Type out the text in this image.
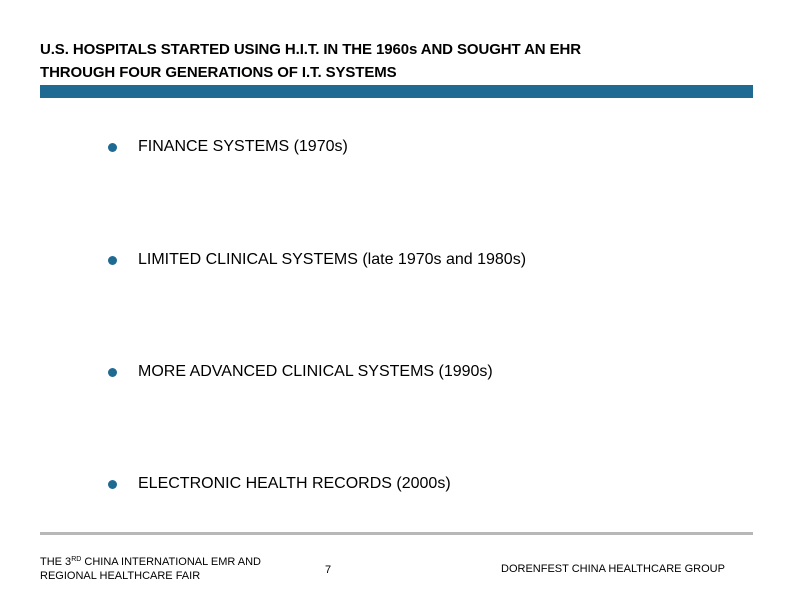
U.S. HOSPITALS STARTED USING H.I.T. IN THE 1960s AND SOUGHT AN EHR
THROUGH FOUR GENERATIONS OF I.T. SYSTEMS
FINANCE SYSTEMS (1970s)
LIMITED CLINICAL SYSTEMS (late 1970s and 1980s)
MORE ADVANCED CLINICAL SYSTEMS (1990s)
ELECTRONIC HEALTH RECORDS (2000s)
THE 3RD CHINA INTERNATIONAL EMR AND
REGIONAL HEALTHCARE FAIR	7	DORENFEST CHINA HEALTHCARE GROUP
